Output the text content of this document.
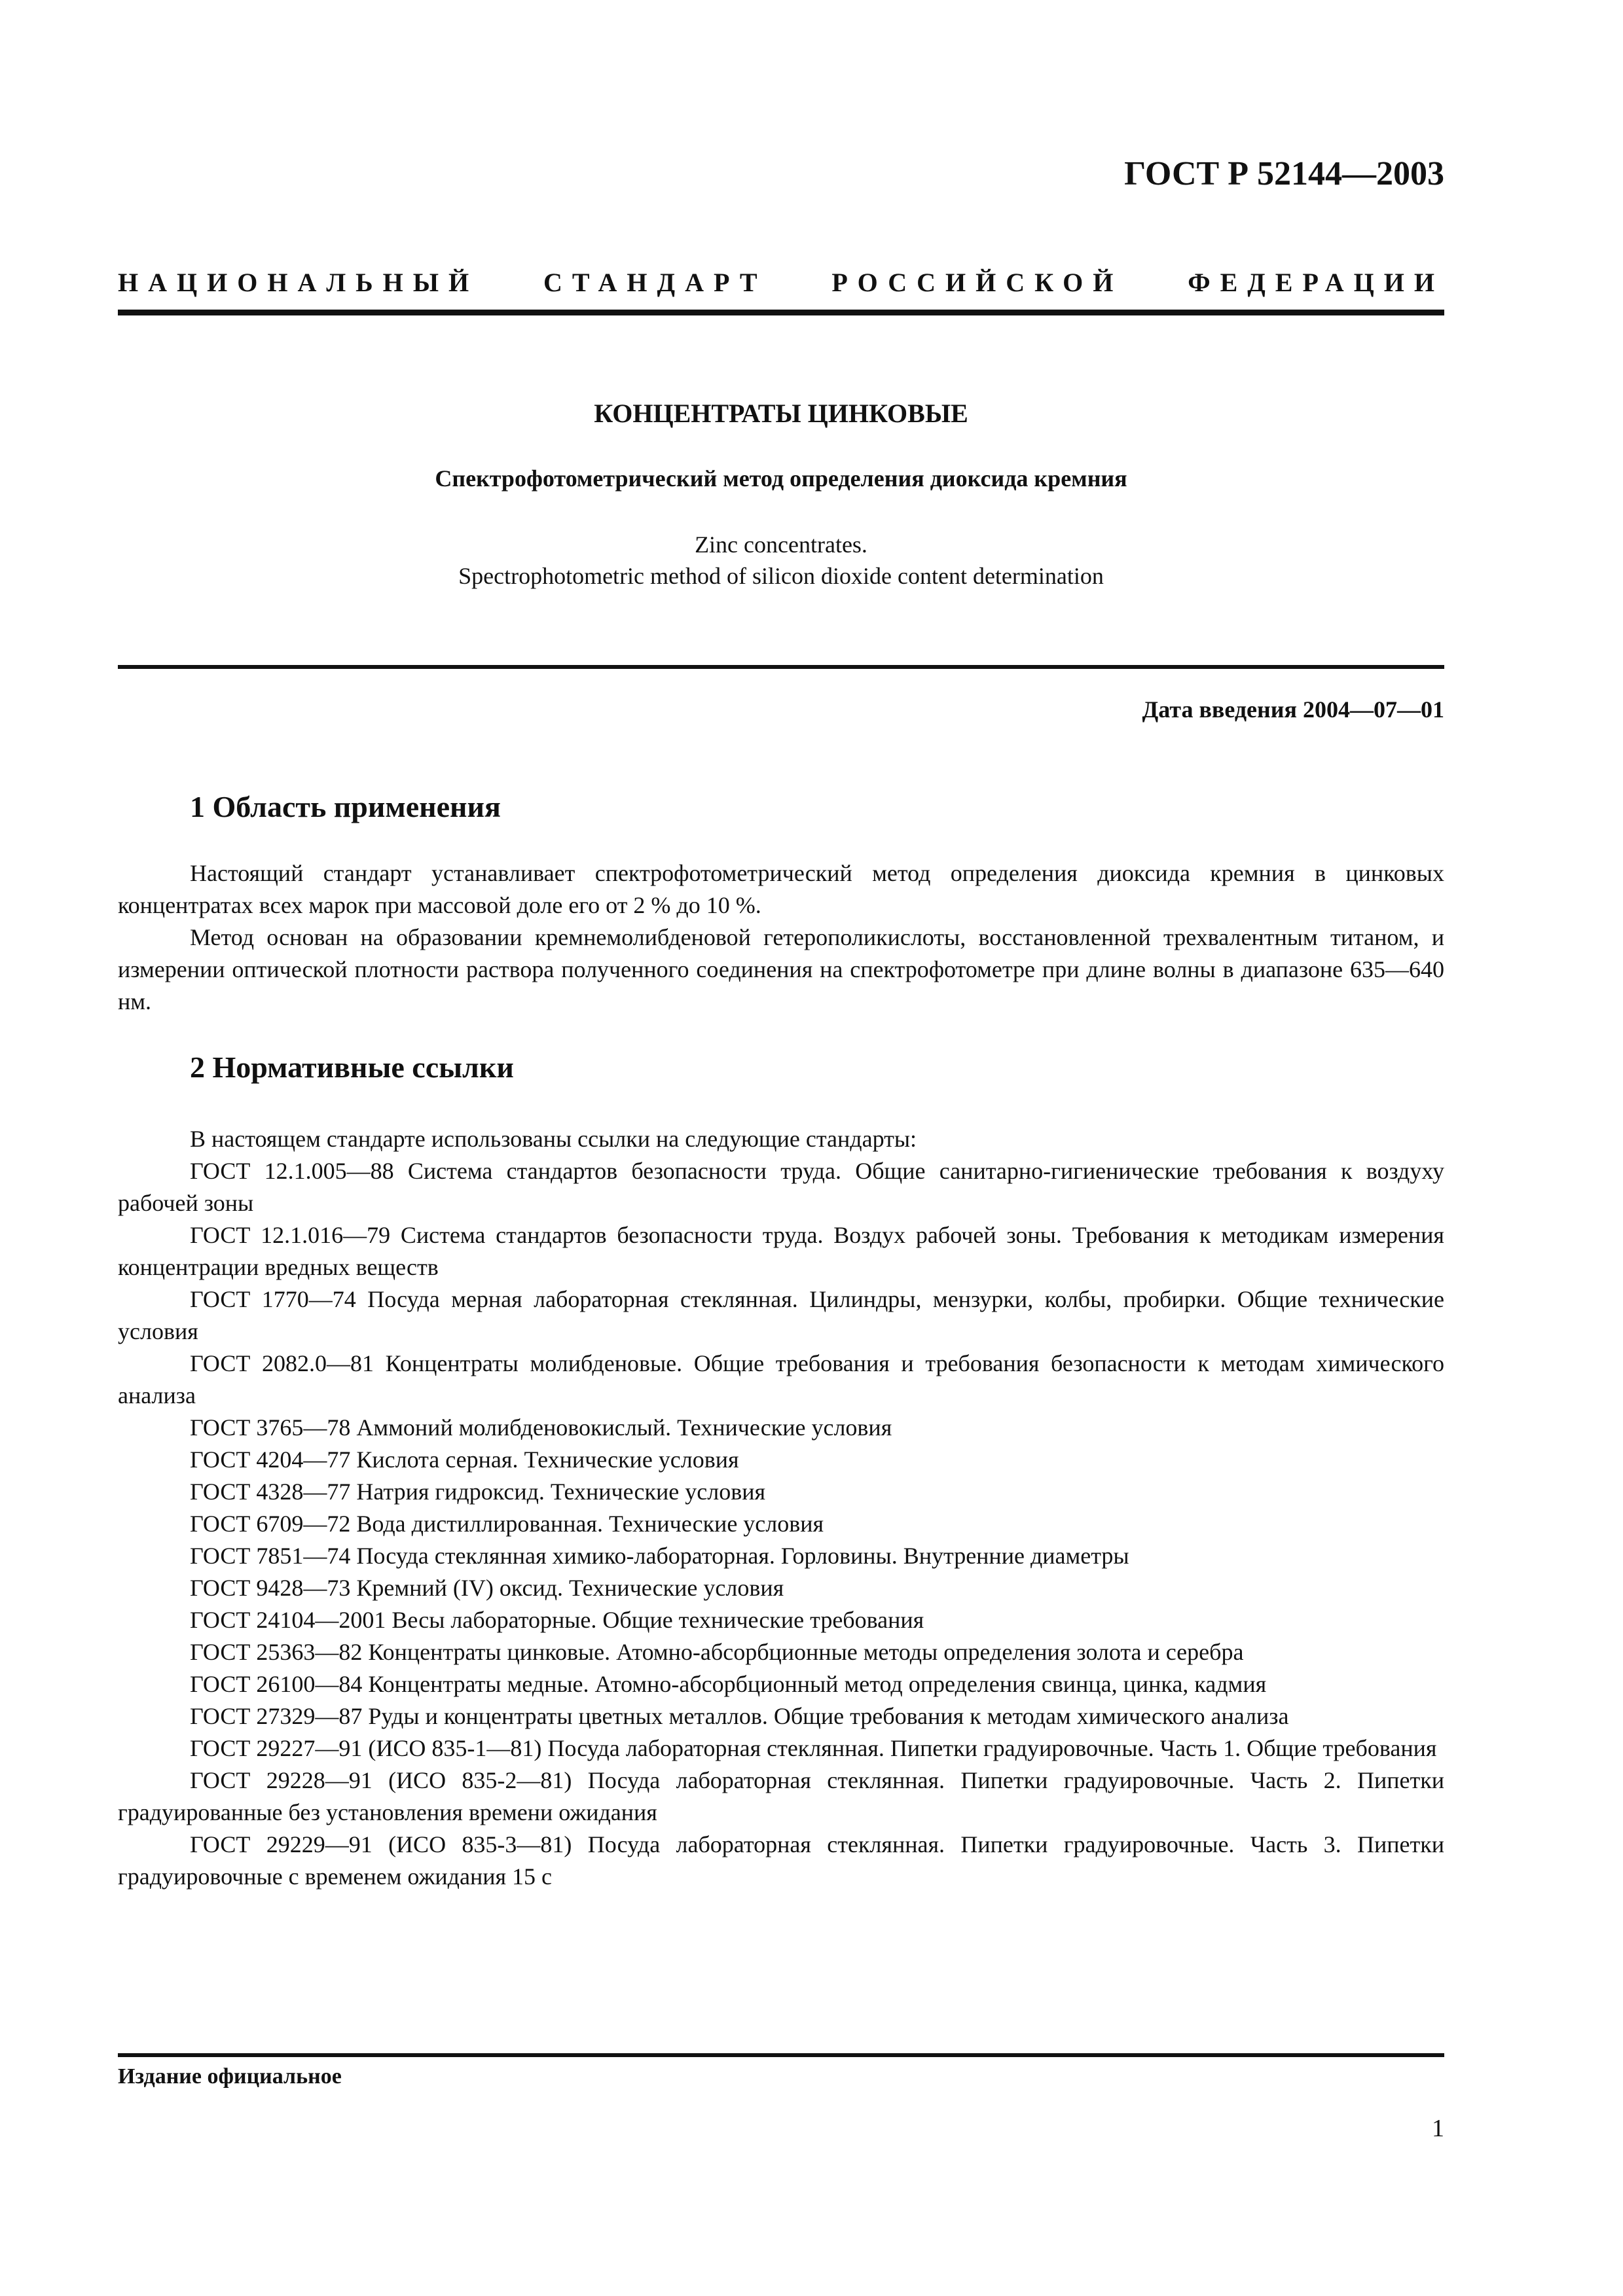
ГОСТ Р 52144—2003

НАЦИОНАЛЬНЫЙ СТАНДАРТ РОССИЙСКОЙ ФЕДЕРАЦИИ

КОНЦЕНТРАТЫ ЦИНКОВЫЕ

Спектрофотометрический метод определения диоксида кремния

Zinc concentrates.
Spectrophotometric method of silicon dioxide content determination

Дата введения 2004—07—01

1 Область применения

Настоящий стандарт устанавливает спектрофотометрический метод определения диоксида кремния в цинковых концентратах всех марок при массовой доле его от 2 % до 10 %.

Метод основан на образовании кремнемолибденовой гетерополикислоты, восстановленной трехвалентным титаном, и измерении оптической плотности раствора полученного соединения на спектрофотометре при длине волны в диапазоне 635—640 нм.

2 Нормативные ссылки

В настоящем стандарте использованы ссылки на следующие стандарты:

ГОСТ 12.1.005—88 Система стандартов безопасности труда. Общие санитарно-гигиенические требования к воздуху рабочей зоны

ГОСТ 12.1.016—79 Система стандартов безопасности труда. Воздух рабочей зоны. Требования к методикам измерения концентрации вредных веществ

ГОСТ 1770—74 Посуда мерная лабораторная стеклянная. Цилиндры, мензурки, колбы, пробирки. Общие технические условия

ГОСТ 2082.0—81 Концентраты молибденовые. Общие требования и требования безопасности к методам химического анализа

ГОСТ 3765—78 Аммоний молибденовокислый. Технические условия

ГОСТ 4204—77 Кислота серная. Технические условия

ГОСТ 4328—77 Натрия гидроксид. Технические условия

ГОСТ 6709—72 Вода дистиллированная. Технические условия

ГОСТ 7851—74 Посуда стеклянная химико-лабораторная. Горловины. Внутренние диаметры

ГОСТ 9428—73 Кремний (IV) оксид. Технические условия

ГОСТ 24104—2001 Весы лабораторные. Общие технические требования

ГОСТ 25363—82 Концентраты цинковые. Атомно-абсорбционные методы определения золота и серебра

ГОСТ 26100—84 Концентраты медные. Атомно-абсорбционный метод определения свинца, цинка, кадмия

ГОСТ 27329—87 Руды и концентраты цветных металлов. Общие требования к методам химического анализа

ГОСТ 29227—91 (ИСО 835-1—81) Посуда лабораторная стеклянная. Пипетки градуировочные. Часть 1. Общие требования

ГОСТ 29228—91 (ИСО 835-2—81) Посуда лабораторная стеклянная. Пипетки градуировочные. Часть 2. Пипетки градуированные без установления времени ожидания

ГОСТ 29229—91 (ИСО 835-3—81) Посуда лабораторная стеклянная. Пипетки градуировочные. Часть 3. Пипетки градуировочные с временем ожидания 15 с

Издание официальное

1
